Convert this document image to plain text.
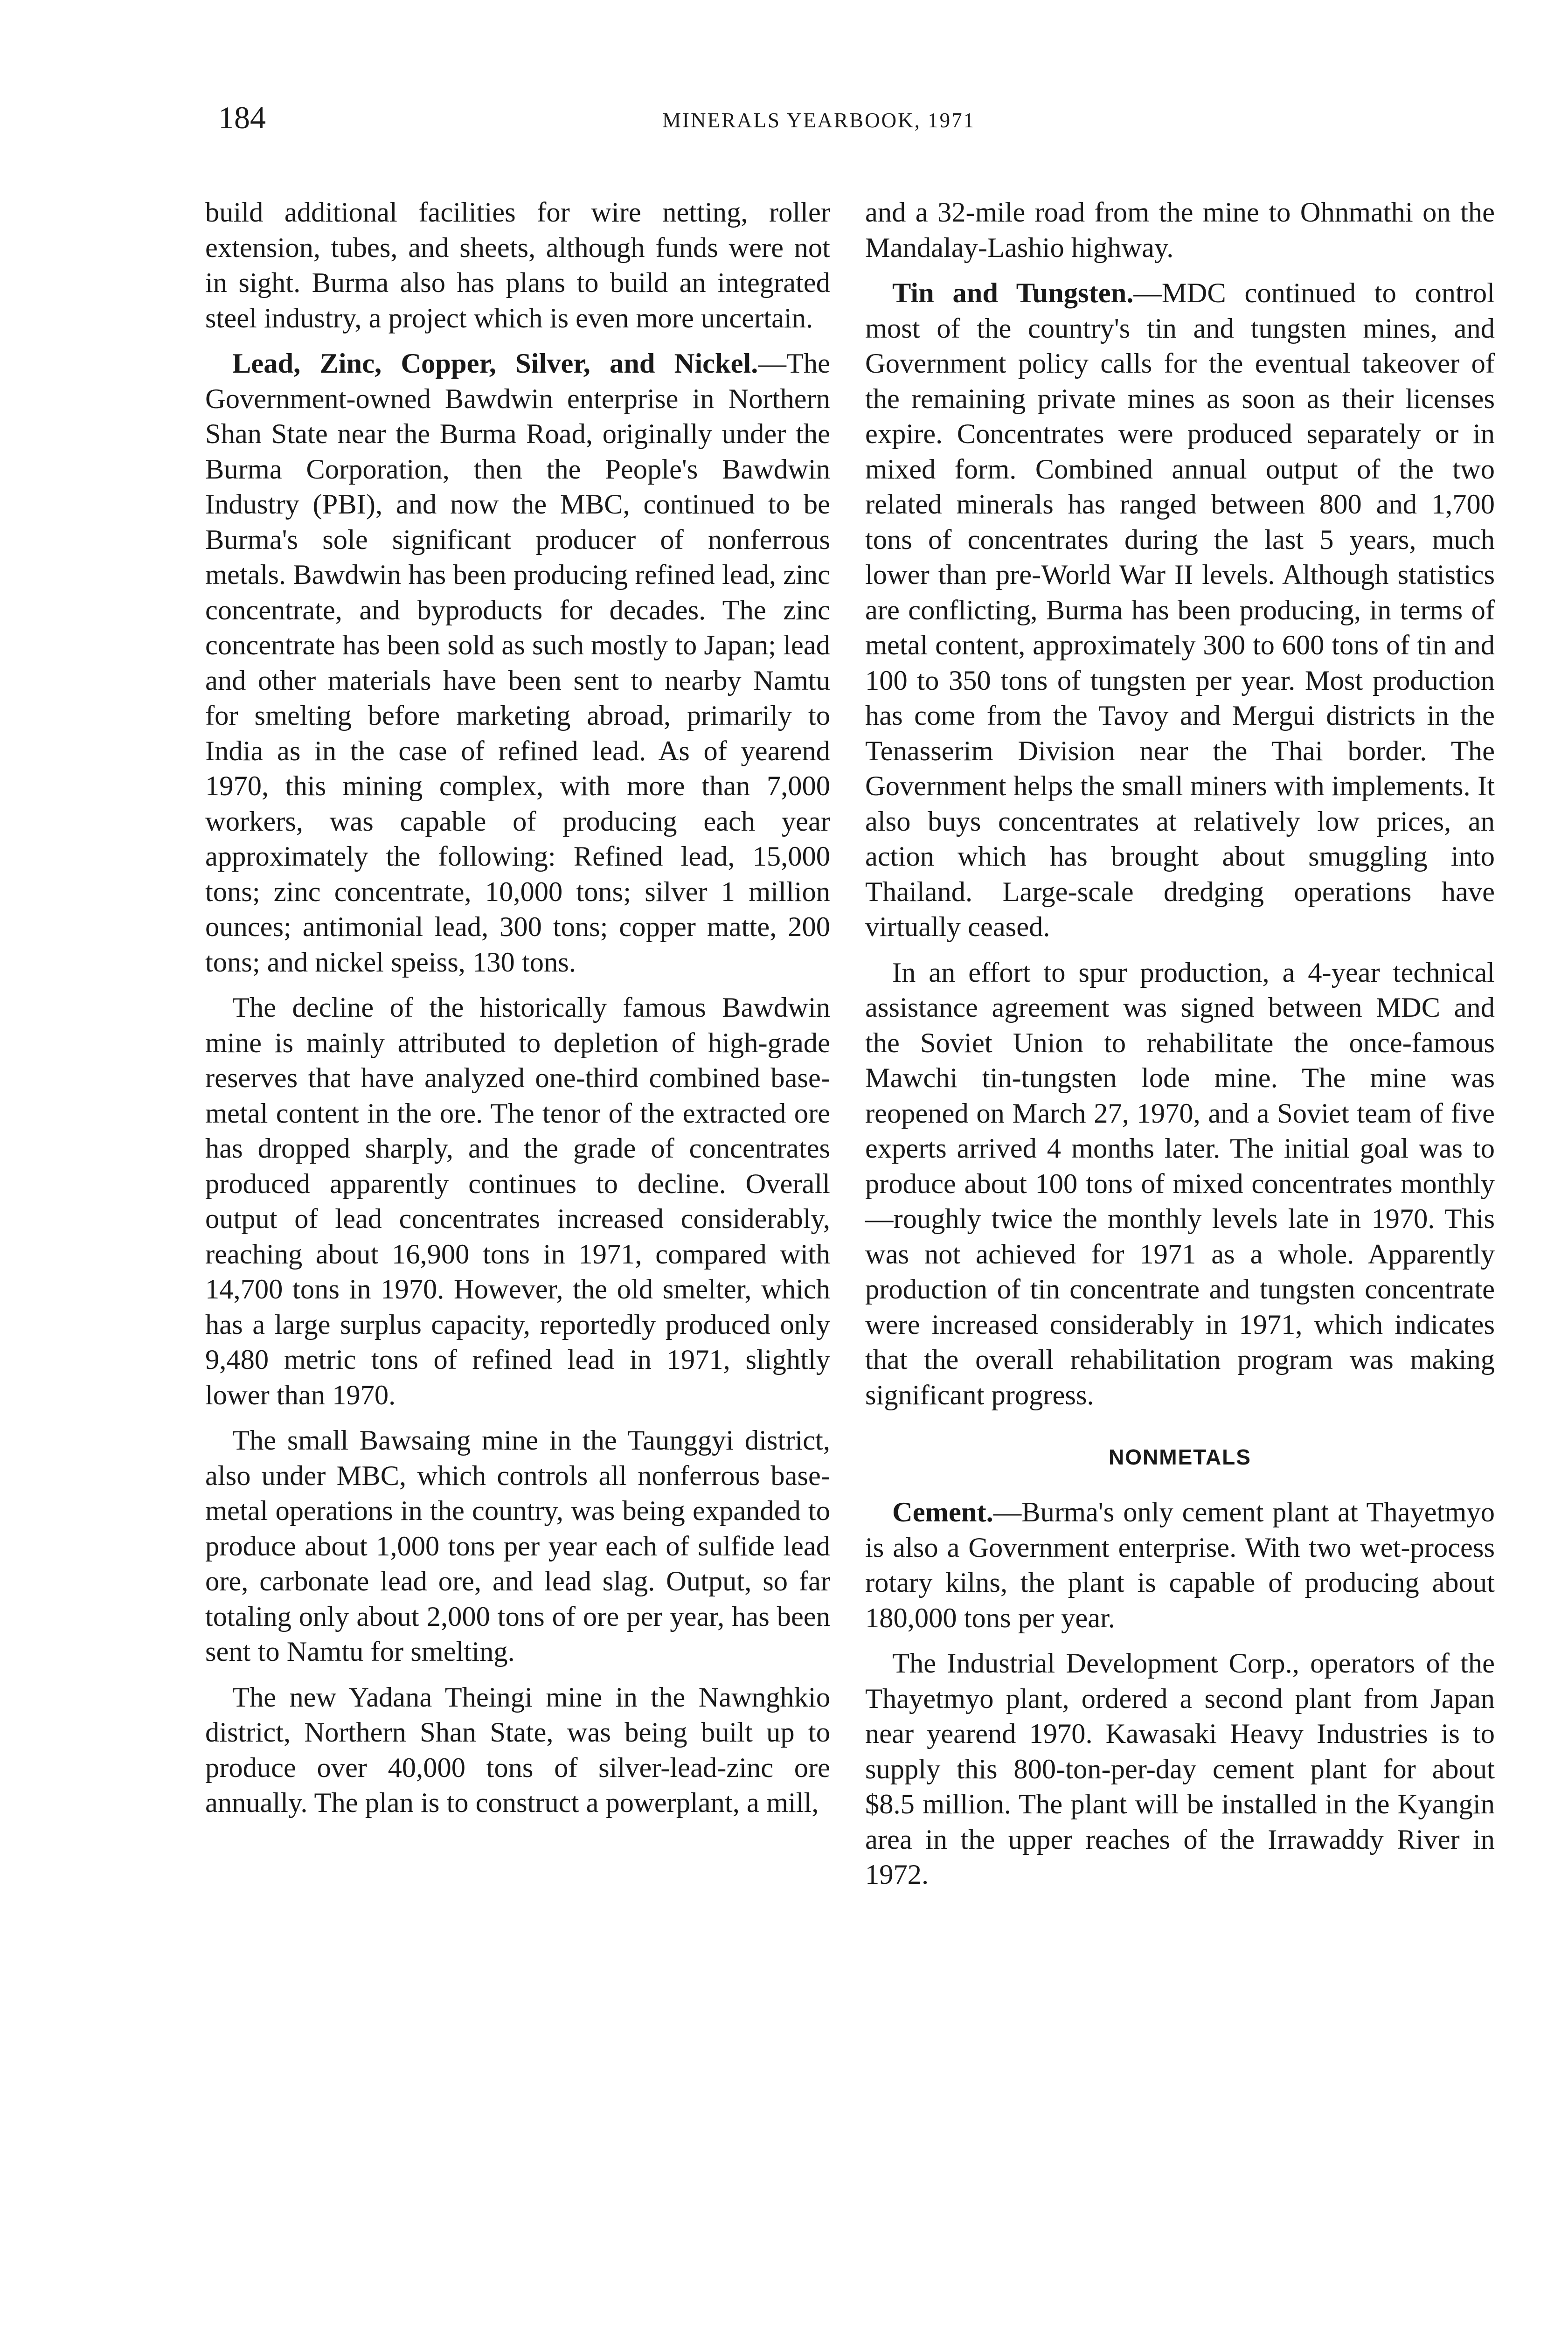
184	MINERALS YEARBOOK, 1971

build additional facilities for wire netting, roller extension, tubes, and sheets, although funds were not in sight. Burma also has plans to build an integrated steel industry, a project which is even more uncertain.

Lead, Zinc, Copper, Silver, and Nickel.—The Government-owned Bawdwin enterprise in Northern Shan State near the Burma Road, originally under the Burma Corporation, then the People's Bawdwin Industry (PBI), and now the MBC, continued to be Burma's sole significant producer of nonferrous metals. Bawdwin has been producing refined lead, zinc concentrate, and byproducts for decades. The zinc concentrate has been sold as such mostly to Japan; lead and other materials have been sent to nearby Namtu for smelting before marketing abroad, primarily to India as in the case of refined lead. As of yearend 1970, this mining complex, with more than 7,000 workers, was capable of producing each year approximately the following: Refined lead, 15,000 tons; zinc concentrate, 10,000 tons; silver 1 million ounces; antimonial lead, 300 tons; copper matte, 200 tons; and nickel speiss, 130 tons.

The decline of the historically famous Bawdwin mine is mainly attributed to depletion of high-grade reserves that have analyzed one-third combined base-metal content in the ore. The tenor of the extracted ore has dropped sharply, and the grade of concentrates produced apparently continues to decline. Overall output of lead concentrates increased considerably, reaching about 16,900 tons in 1971, compared with 14,700 tons in 1970. However, the old smelter, which has a large surplus capacity, reportedly produced only 9,480 metric tons of refined lead in 1971, slightly lower than 1970.

The small Bawsaing mine in the Taunggyi district, also under MBC, which controls all nonferrous base-metal operations in the country, was being expanded to produce about 1,000 tons per year each of sulfide lead ore, carbonate lead ore, and lead slag. Output, so far totaling only about 2,000 tons of ore per year, has been sent to Namtu for smelting.

The new Yadana Theingi mine in the Nawnghkio district, Northern Shan State, was being built up to produce over 40,000 tons of silver-lead-zinc ore annually. The plan is to construct a powerplant, a mill,

and a 32-mile road from the mine to Ohnmathi on the Mandalay-Lashio highway.

Tin and Tungsten.—MDC continued to control most of the country's tin and tungsten mines, and Government policy calls for the eventual takeover of the remaining private mines as soon as their licenses expire. Concentrates were produced separately or in mixed form. Combined annual output of the two related minerals has ranged between 800 and 1,700 tons of concentrates during the last 5 years, much lower than pre-World War II levels. Although statistics are conflicting, Burma has been producing, in terms of metal content, approximately 300 to 600 tons of tin and 100 to 350 tons of tungsten per year. Most production has come from the Tavoy and Mergui districts in the Tenasserim Division near the Thai border. The Government helps the small miners with implements. It also buys concentrates at relatively low prices, an action which has brought about smuggling into Thailand. Large-scale dredging operations have virtually ceased.

In an effort to spur production, a 4-year technical assistance agreement was signed between MDC and the Soviet Union to rehabilitate the once-famous Mawchi tin-tungsten lode mine. The mine was reopened on March 27, 1970, and a Soviet team of five experts arrived 4 months later. The initial goal was to produce about 100 tons of mixed concentrates monthly—roughly twice the monthly levels late in 1970. This was not achieved for 1971 as a whole. Apparently production of tin concentrate and tungsten concentrate were increased considerably in 1971, which indicates that the overall rehabilitation program was making significant progress.

NONMETALS

Cement.—Burma's only cement plant at Thayetmyo is also a Government enterprise. With two wet-process rotary kilns, the plant is capable of producing about 180,000 tons per year.

The Industrial Development Corp., operators of the Thayetmyo plant, ordered a second plant from Japan near yearend 1970. Kawasaki Heavy Industries is to supply this 800-ton-per-day cement plant for about $8.5 million. The plant will be installed in the Kyangin area in the upper reaches of the Irrawaddy River in 1972.
